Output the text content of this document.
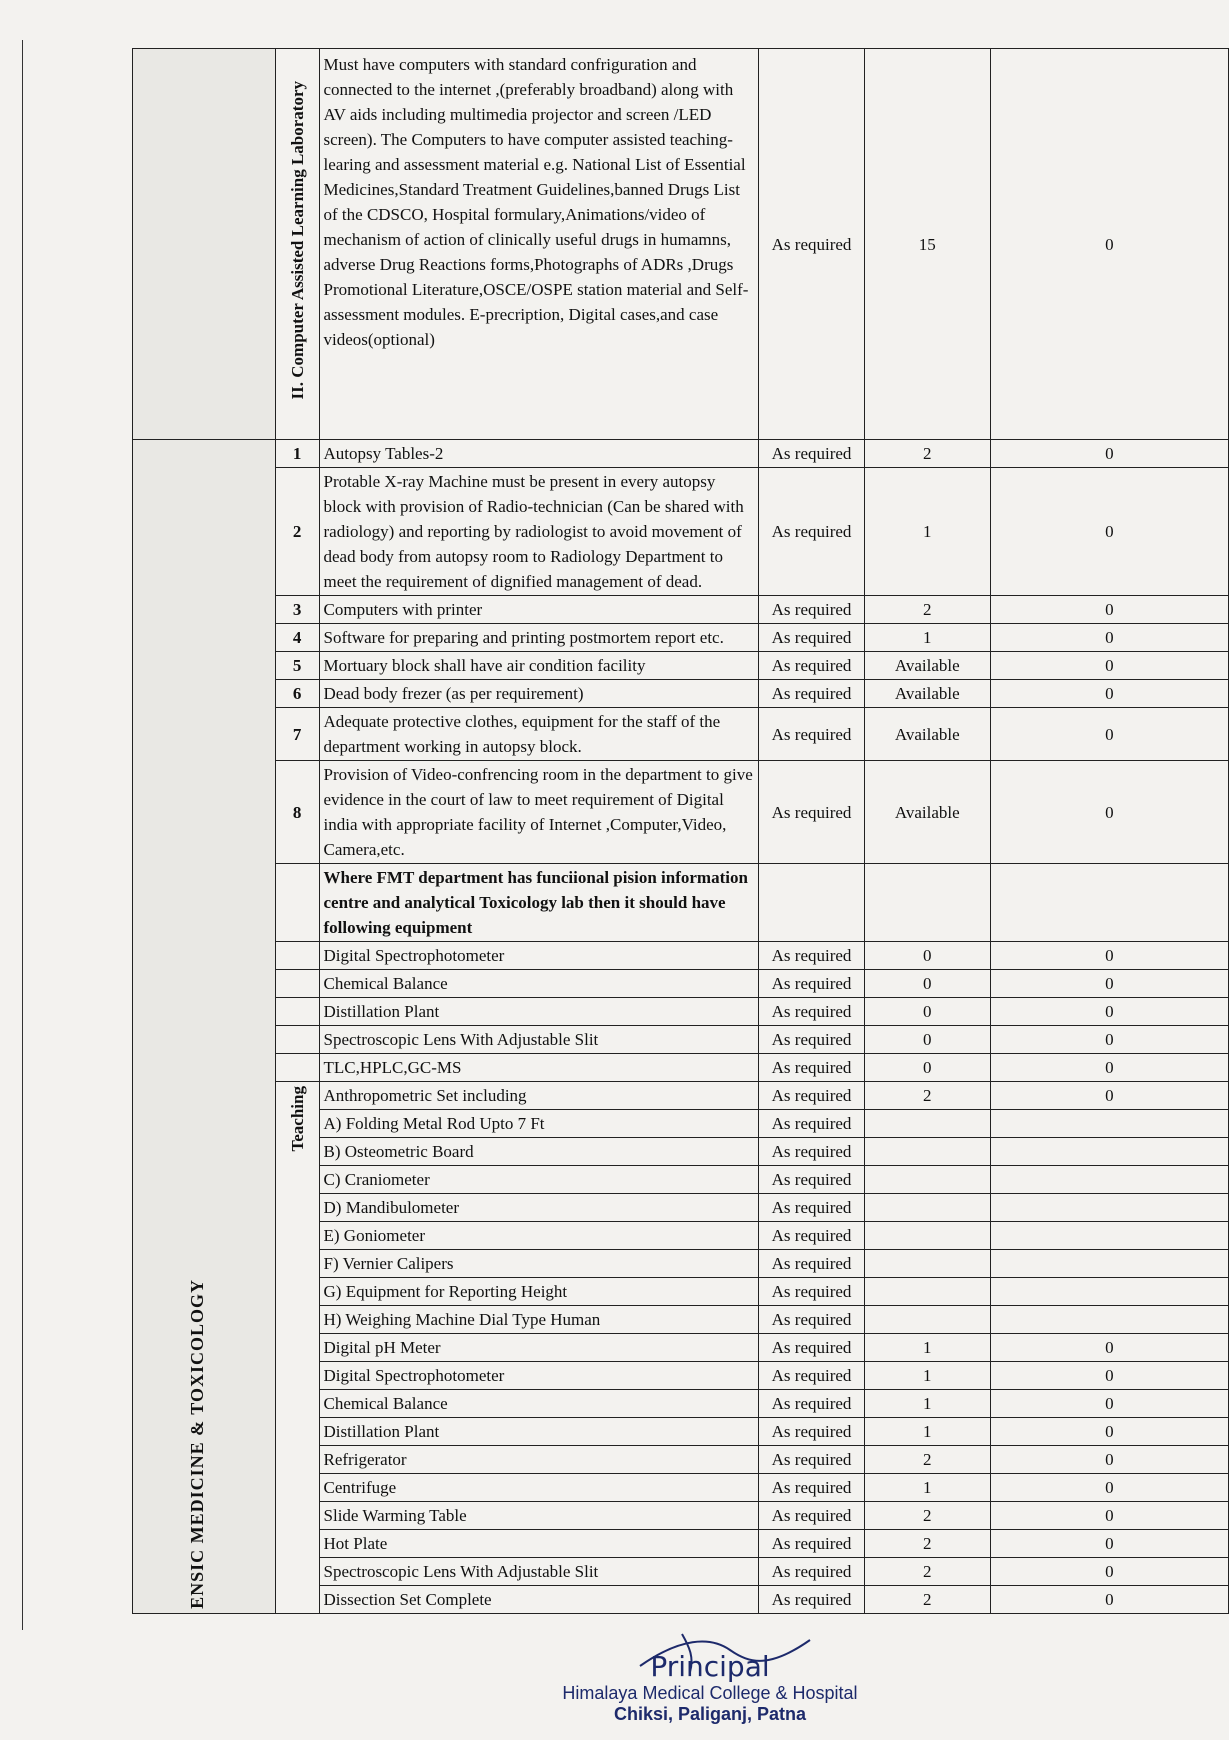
	II. Computer Assisted Learning Laboratory	Must have computers with standard confriguration and connected to the internet ,(preferably broadband) along with AV aids including multimedia projector and screen /LED screen). The Computers to have computer assisted teaching-learing and assessment material e.g. National List of Essential Medicines,Standard Treatment Guidelines,banned Drugs List of the CDSCO, Hospital formulary,Animations/video of mechanism of action of clinically useful drugs in humamns, adverse Drug Reactions forms,Photographs of ADRs ,Drugs Promotional Literature,OSCE/OSPE station material and Self-assessment modules. E-precription, Digital cases,and case videos(optional)	As required	15	0

ENSIC MEDICINE & TOXICOLOGY	1	Autopsy Tables-2	As required	2	0
	2	Protable X-ray Machine must be present in every autopsy block with provision of Radio-technician (Can be shared with radiology) and reporting by radiologist to avoid movement of dead body from autopsy room to Radiology Department to meet the requirement of dignified management of dead.	As required	1	0
	3	Computers with printer	As required	2	0
	4	Software for preparing and printing postmortem report etc.	As required	1	0
	5	Mortuary block shall have air condition facility	As required	Available	0
	6	Dead body frezer (as per requirement)	As required	Available	0
	7	Adequate protective clothes, equipment for the staff of the department working in autopsy block.	As required	Available	0
	8	Provision of Video-confrencing room in the department to give evidence in the court of law to meet requirement of Digital india with appropriate facility of Internet ,Computer,Video, Camera,etc.	As required	Available	0
		Where FMT department has funciional pision information centre and analytical Toxicology lab then it should have following equipment			
		Digital Spectrophotometer	As required	0	0
		Chemical Balance	As required	0	0
		Distillation Plant	As required	0	0
		Spectroscopic Lens With Adjustable Slit	As required	0	0
		TLC,HPLC,GC-MS	As required	0	0
	Teaching	Anthropometric Set including	As required	2	0
		A) Folding Metal Rod Upto 7 Ft	As required		
		B) Osteometric Board	As required		
		C) Craniometer	As required		
		D) Mandibulometer	As required		
		E) Goniometer	As required		
		F) Vernier Calipers	As required		
		G) Equipment for Reporting Height	As required		
		H) Weighing Machine Dial Type Human	As required		
		Digital pH Meter	As required	1	0
		Digital Spectrophotometer	As required	1	0
		Chemical Balance	As required	1	0
		Distillation Plant	As required	1	0
		Refrigerator	As required	2	0
		Centrifuge	As required	1	0
		Slide Warming Table	As required	2	0
		Hot Plate	As required	2	0
		Spectroscopic Lens With Adjustable Slit	As required	2	0
		Dissection Set Complete	As required	2	0
Principal
Himalaya Medical College & Hospital
Chiksi, Paliganj, Patna
